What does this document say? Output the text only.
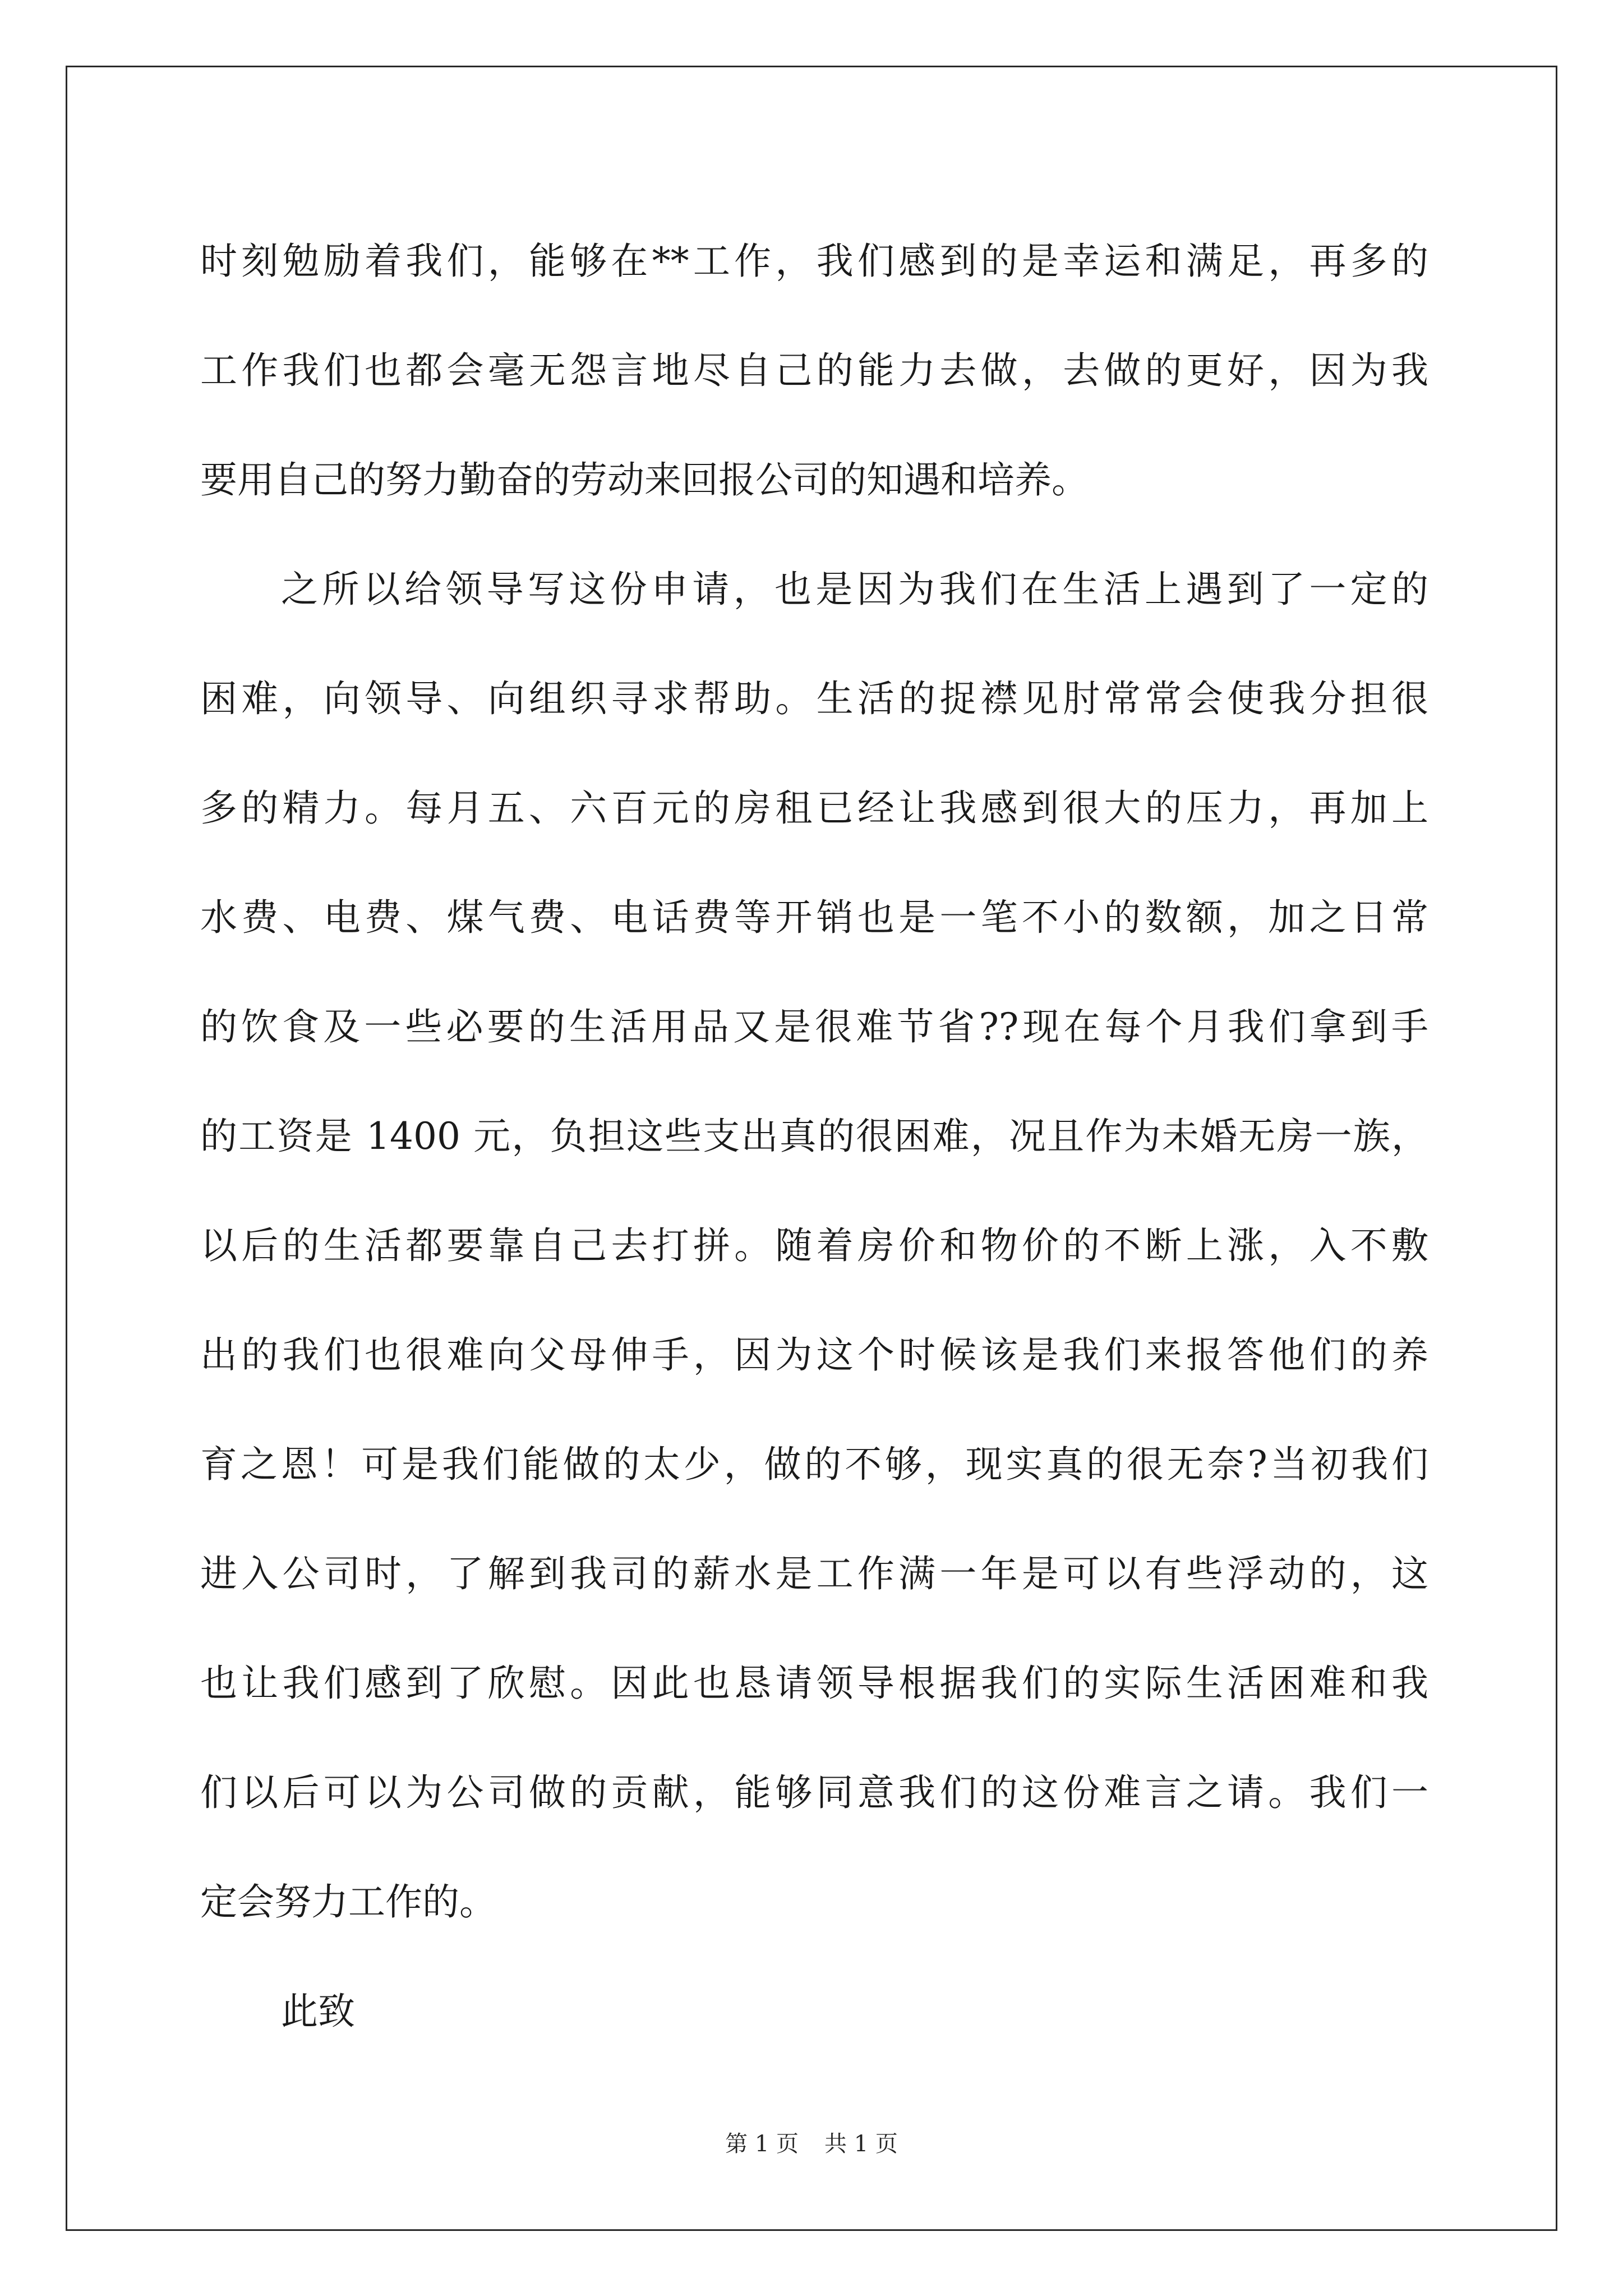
时刻勉励着我们，能够在**工作，我们感到的是幸运和满足，再多的
工作我们也都会毫无怨言地尽自己的能力去做，去做的更好，因为我
要用自己的努力勤奋的劳动来回报公司的知遇和培养。
之所以给领导写这份申请，也是因为我们在生活上遇到了一定的
困难，向领导、向组织寻求帮助。生活的捉襟见肘常常会使我分担很
多的精力。每月五、六百元的房租已经让我感到很大的压力，再加上
水费、电费、煤气费、电话费等开销也是一笔不小的数额，加之日常
的饮食及一些必要的生活用品又是很难节省??现在每个月我们拿到手
的工资是 1400 元，负担这些支出真的很困难，况且作为未婚无房一族，
以后的生活都要靠自己去打拼。随着房价和物价的不断上涨，入不敷
出的我们也很难向父母伸手，因为这个时候该是我们来报答他们的养
育之恩！可是我们能做的太少，做的不够，现实真的很无奈?当初我们
进入公司时，了解到我司的薪水是工作满一年是可以有些浮动的，这
也让我们感到了欣慰。因此也恳请领导根据我们的实际生活困难和我
们以后可以为公司做的贡献，能够同意我们的这份难言之请。我们一
定会努力工作的。
此致
第 1 页 共 1 页
